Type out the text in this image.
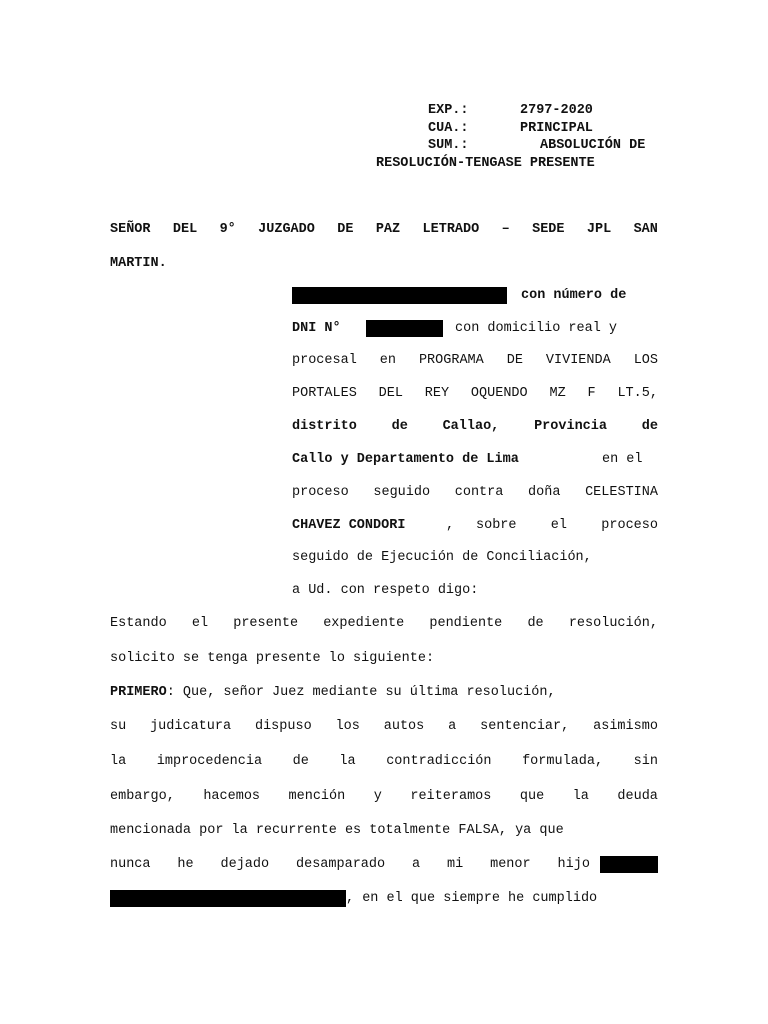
EXP.:	2797-2020
CUA.:	PRINCIPAL
SUM.:	ABSOLUCIÓN DE
RESOLUCIÓN-TENGASE PRESENTE
SEÑOR DEL 9° JUZGADO DE PAZ LETRADO – SEDE JPL SAN
MARTIN.
con número de
DNI N°	con domicilio real y
procesal en PROGRAMA DE VIVIENDA LOS
PORTALES DEL REY OQUENDO MZ F LT.5,
distrito	de	Callao,	Provincia	de
Callo y Departamento de Lima	en el
proceso seguido contra doña CELESTINA
CHAVEZ CONDORI	, sobre	el	proceso
seguido de Ejecución de Conciliación,
a Ud. con respeto digo:
Estando el presente expediente pendiente de resolución,
solicito se tenga presente lo siguiente:
PRIMERO: Que, señor Juez mediante su última resolución,
su judicatura dispuso los autos a sentenciar, asimismo
la improcedencia de la contradicción formulada, sin
embargo, hacemos mención y reiteramos que la deuda
mencionada por la recurrente es totalmente FALSA, ya que
nunca he dejado desamparado a mi menor hijo
, en el que siempre he cumplido
